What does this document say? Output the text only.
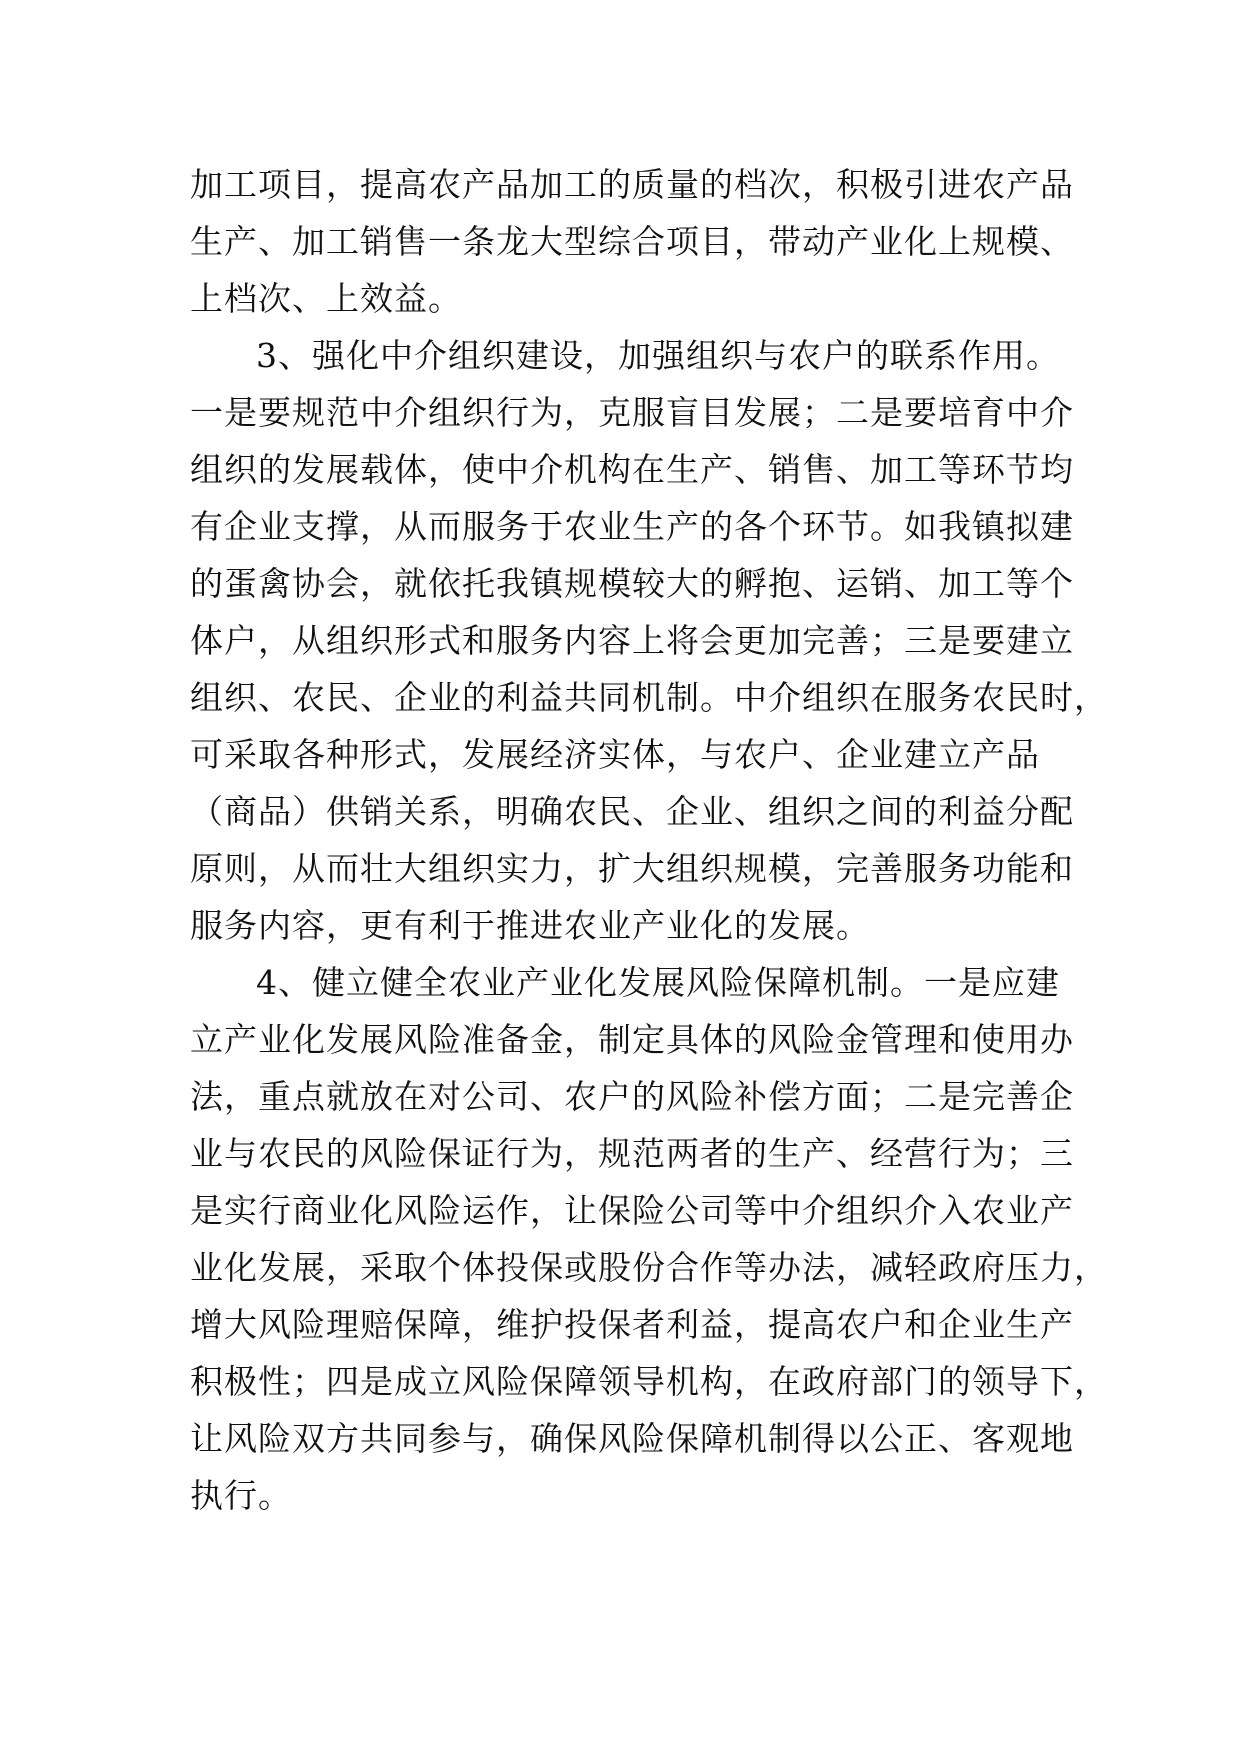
加工项目，提高农产品加工的质量的档次，积极引进农产品
生产、加工销售一条龙大型综合项目，带动产业化上规模、
上档次、上效益。
3、强化中介组织建设，加强组织与农户的联系作用。
一是要规范中介组织行为，克服盲目发展；二是要培育中介
组织的发展载体，使中介机构在生产、销售、加工等环节均
有企业支撑，从而服务于农业生产的各个环节。如我镇拟建
的蛋禽协会，就依托我镇规模较大的孵抱、运销、加工等个
体户，从组织形式和服务内容上将会更加完善；三是要建立
组织、农民、企业的利益共同机制。中介组织在服务农民时，
可采取各种形式，发展经济实体，与农户、企业建立产品
（商品）供销关系，明确农民、企业、组织之间的利益分配
原则，从而壮大组织实力，扩大组织规模，完善服务功能和
服务内容，更有利于推进农业产业化的发展。
4、健立健全农业产业化发展风险保障机制。一是应建
立产业化发展风险准备金，制定具体的风险金管理和使用办
法，重点就放在对公司、农户的风险补偿方面；二是完善企
业与农民的风险保证行为，规范两者的生产、经营行为；三
是实行商业化风险运作，让保险公司等中介组织介入农业产
业化发展，采取个体投保或股份合作等办法，减轻政府压力，
增大风险理赔保障，维护投保者利益，提高农户和企业生产
积极性；四是成立风险保障领导机构，在政府部门的领导下，
让风险双方共同参与，确保风险保障机制得以公正、客观地
执行。
